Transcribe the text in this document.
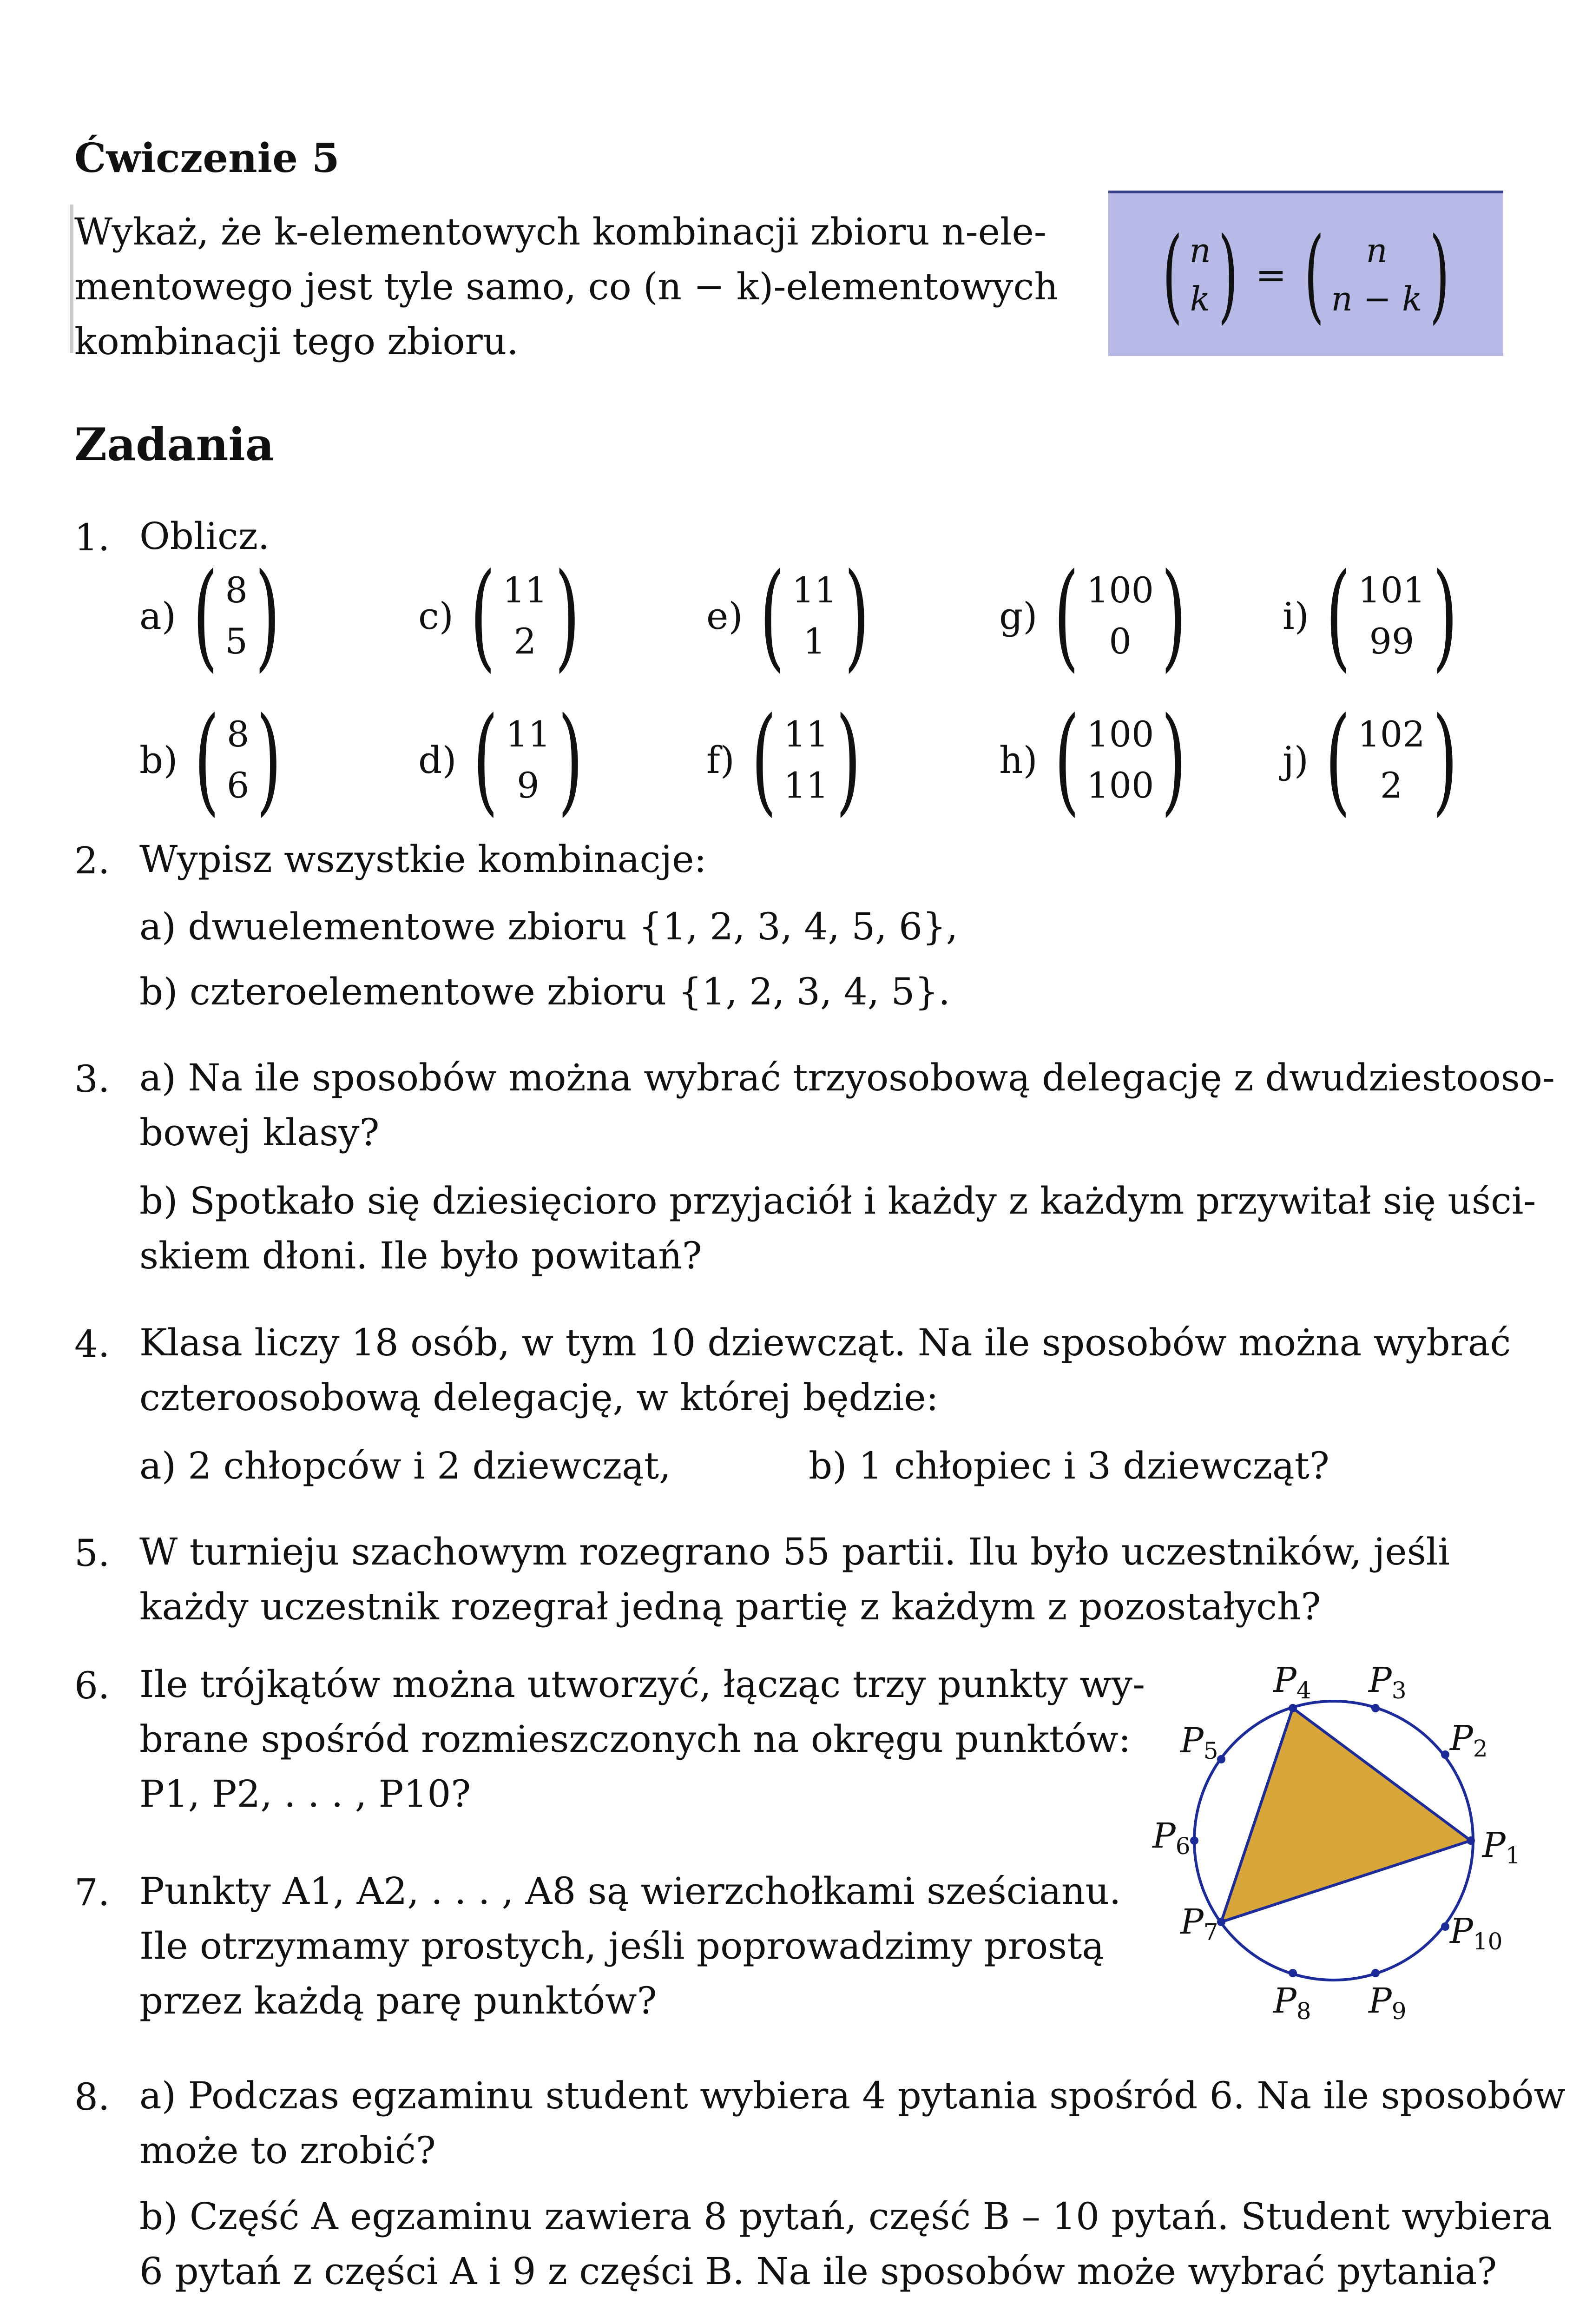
Ćwiczenie 5
Wykaż, że k-elementowych kombinacji zbioru n-ele-
mentowego jest tyle samo, co (n − k)-elementowych
kombinacji tego zbioru.
( n
k ) = ( n
n − k )
Zadania
1. Oblicz.
a) ( 8
5 )	c) ( 11
2 )	e) ( 11
1 )	g) ( 100
0 )	i) ( 101
99 )
b) ( 8
6 )	d) ( 11
9 )	f) ( 11
11 )	h) ( 100
100 )	j) ( 102
2 )
2. Wypisz wszystkie kombinacje:
a) dwuelementowe zbioru {1, 2, 3, 4, 5, 6},
b) czteroelementowe zbioru {1, 2, 3, 4, 5}.
3. a) Na ile sposobów można wybrać trzyosobową delegację z dwudziestooso-
bowej klasy?
b) Spotkało się dziesięcioro przyjaciół i każdy z każdym przywitał się uści-
skiem dłoni. Ile było powitań?
4. Klasa liczy 18 osób, w tym 10 dziewcząt. Na ile sposobów można wybrać
czteroosobową delegację, w której będzie:
a) 2 chłopców i 2 dziewcząt,	b) 1 chłopiec i 3 dziewcząt?
5. W turnieju szachowym rozegrano 55 partii. Ilu było uczestników, jeśli
każdy uczestnik rozegrał jedną partię z każdym z pozostałych?
6. Ile trójkątów można utworzyć, łącząc trzy punkty wy-
brane spośród rozmieszczonych na okręgu punktów:
P1, P2, . . . , P10?
7. Punkty A1, A2, . . . , A8 są wierzchołkami sześcianu.
Ile otrzymamy prostych, jeśli poprowadzimy prostą
przez każdą parę punktów?
P1
P2
P3
P4
P5
P6
P7
P8 P9
P10
8. a) Podczas egzaminu student wybiera 4 pytania spośród 6. Na ile sposobów
może to zrobić?
b) Część A egzaminu zawiera 8 pytań, część B – 10 pytań. Student wybiera
6 pytań z części A i 9 z części B. Na ile sposobów może wybrać pytania?
